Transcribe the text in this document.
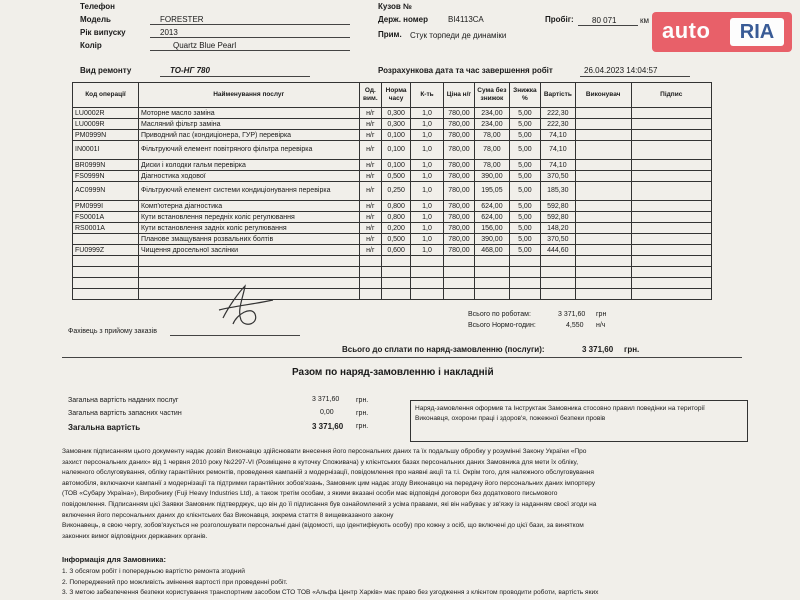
Телефон
Модель	FORESTER
Рік випуску	2013
Колір	Quartz Blue Pearl
Кузов №
Держ. номер ВІ4113СА
Прим. Стук торпеди де динаміки
Пробіг: 80 071	км
Вид ремонту	ТО-НГ 780	Розрахункова дата та час завершення робіт	26.04.2023 14:04:57
auto	RIA
Код операції	Найменування послуг	Од. вим.	Норма часу	К-ть	Ціна н/г	Сума без знижок	Знижка %	Вартість	Виконувач	Підпис
LU0002R	Моторне масло заміна	н/г	0,300	1,0	780,00	234,00	5,00	222,30		
LU0009R	Масляний фільтр заміна	н/г	0,300	1,0	780,00	234,00	5,00	222,30		
PM0999N	Приводний пас (кондиціонера, ГУР) перевірка	н/г	0,100	1,0	780,00	78,00	5,00	74,10		
IN0001I	Фільтруючий елемент повітряного фільтра перевірка	н/г	0,100	1,0	780,00	78,00	5,00	74,10		
BR0999N	Диски і колодки гальм перевірка	н/г	0,100	1,0	780,00	78,00	5,00	74,10		
FS0999N	Діагностика ходової	н/г	0,500	1,0	780,00	390,00	5,00	370,50		
AC0999N	Фільтруючий елемент системи кондиціонування перевірка	н/г	0,250	1,0	780,00	195,05	5,00	185,30		
PM0999I	Комп'ютерна діагностика	н/г	0,800	1,0	780,00	624,00	5,00	592,80		
FS0001A	Кути встановлення передніх колiс регулювання	н/г	0,800	1,0	780,00	624,00	5,00	592,80		
RS0001A	Кути встановлення задніх колiс регулювання	н/г	0,200	1,0	780,00	156,00	5,00	148,20		
	Планове змащування розвальних болтів	н/г	0,500	1,0	780,00	390,00	5,00	370,50		
FU0999Z	Чищення дросельної заслінки	н/г	0,600	1,0	780,00	468,00	5,00	444,60		

Всього по роботам:	3 371,60 грн
Всього Нормо-годин:	4,550 н/ч
Фахівець з прийому заказів
Всього до сплати по наряд-замовленню (послуги):	3 371,60 грн.
Разом по наряд-замовленню і накладній
Загальна вартість наданих послуг	3 371,60 грн.
Загальна вартість запасних частин	0,00	грн.
Загальна вартість	3 371,60 грн.
Наряд-замовлення оформив та Інструктаж Замовника стосовно правил поведінки на території Виконавця, охорони праці і здоров'я, пожежної безпеки провів
Замовник підписанням цього документу надає дозвіл Виконавцю здійснювати внесення його персональних даних та їх подальшу обробку у розумінні Закону України «Про
захист персональних даних» від 1 червня 2010 року №2297-VI (Розміщене в куточку Споживача) у клієнтських базах персональних даних Замовника для мети їх обліку,
належного обслуговування, обліку гарантійних ремонтів, проведення кампаній з модернізації, повідомлення про наявні акції та т.і. Окрім того, для належного обслуговування
автомобіля, включаючи кампанії з модернізації та підтримки гарантійних зобов'язань, Замовник цим надає згоду Виконавцю на передачу його персональних даних імпортеру
(ТОВ «Субару Україна»), Виробнику (Fuji Heavy Industries Ltd), а також третім особам, з якими вказані особи має відповідні договори без додаткового письмового
повідомлення. Підписанням цієї Заявки Замовник підтверджує, що він до її підписання був ознайомлений з усіма правами, які він набуває у зв'язку із наданням своєї згоди на
включення його персональних даних до клієнтських баз Виконавця, зокрема стаття 8 вищевказаного закону
Виконавець, в свою чергу, зобов'язується не розголошувати персональні дані (відомості, що ідентифікують особу) про кожну з осіб, що включені до цієї бази, за винятком
законних вимог відповідних державних органів.
Інформація для Замовника:
1. З обсягом робіт і попередньою вартістю ремонта згодний
2. Попереджений про можливість змінення вартості при проведенні робіт.
3. З метою забезпечення безпеки користування транспортним засобом СТО ТОВ «Альфа Центр Харків» має право без узгодження з клієнтом проводити роботи, вартість яких
